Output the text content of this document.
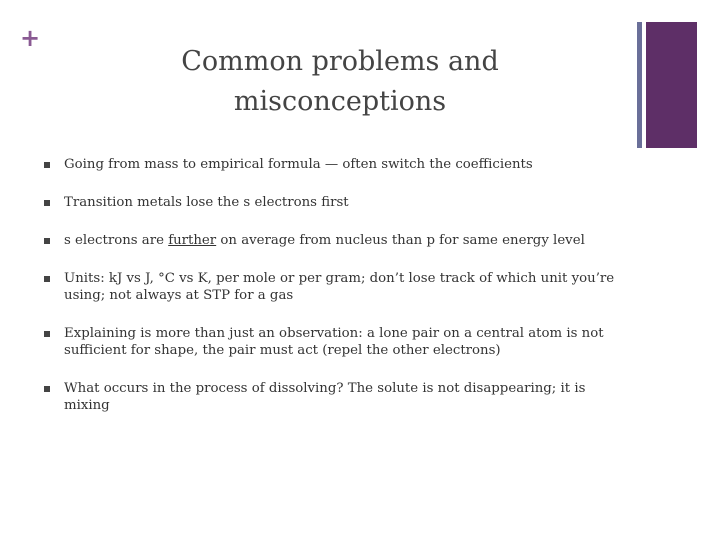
+
Common problems and
misconceptions
Going from mass to empirical formula — often switch the coefficients
Transition metals lose the s electrons first
s electrons are further on average from nucleus than p for same energy level
Units: kJ vs J, °C vs K, per mole or per gram; don’t lose track of which unit you’re using; not always at STP for a gas
Explaining is more than just an observation: a lone pair on a central atom is not sufficient for shape, the pair must act (repel the other electrons)
What occurs in the process of dissolving? The solute is not disappearing; it is mixing
